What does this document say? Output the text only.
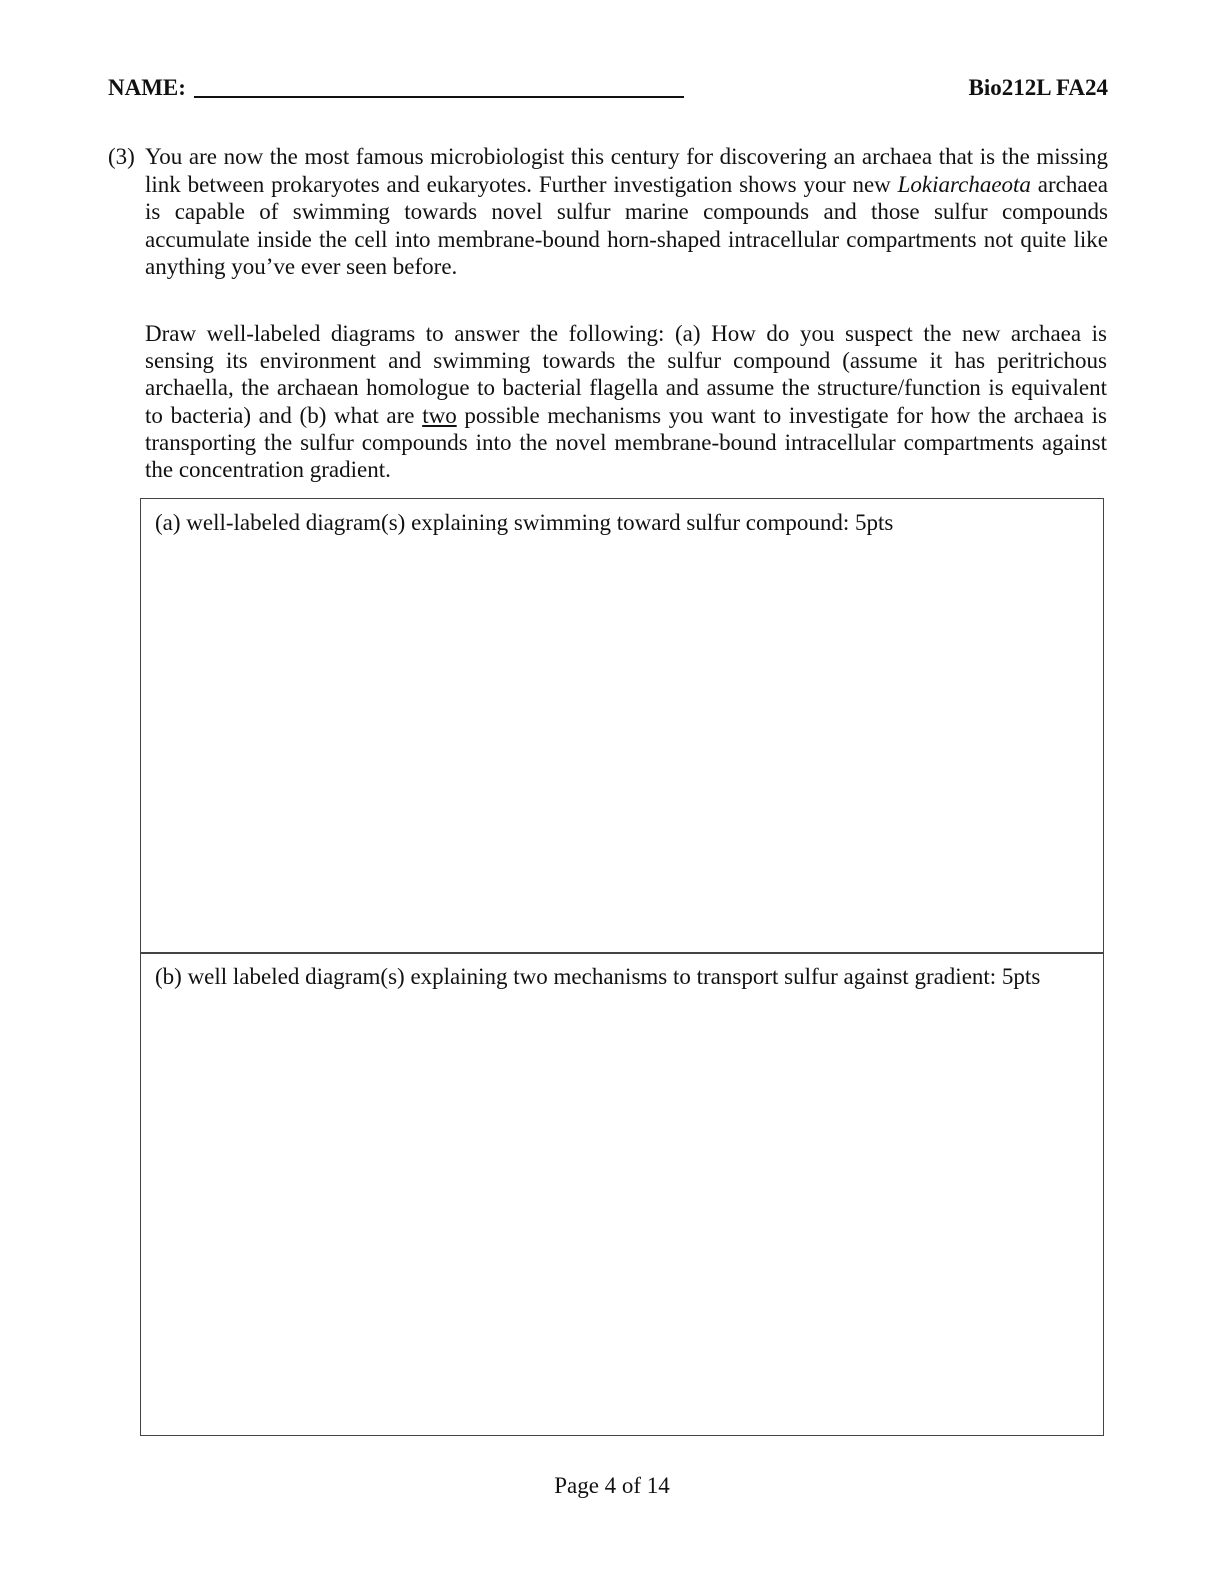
NAME:	Bio212L FA24
(3) You are now the most famous microbiologist this century for discovering an archaea that is the missing link between prokaryotes and eukaryotes. Further investigation shows your new Lokiarchaeota archaea is capable of swimming towards novel sulfur marine compounds and those sulfur compounds accumulate inside the cell into membrane-bound horn-shaped intracellular compartments not quite like anything you’ve ever seen before.
Draw well-labeled diagrams to answer the following: (a) How do you suspect the new archaea is sensing its environment and swimming towards the sulfur compound (assume it has peritrichous archaella, the archaean homologue to bacterial flagella and assume the structure/function is equivalent to bacteria) and (b) what are two possible mechanisms you want to investigate for how the archaea is transporting the sulfur compounds into the novel membrane-bound intracellular compartments against the concentration gradient.
(a) well-labeled diagram(s) explaining swimming toward sulfur compound: 5pts
(b) well labeled diagram(s) explaining two mechanisms to transport sulfur against gradient: 5pts
Page 4 of 14
